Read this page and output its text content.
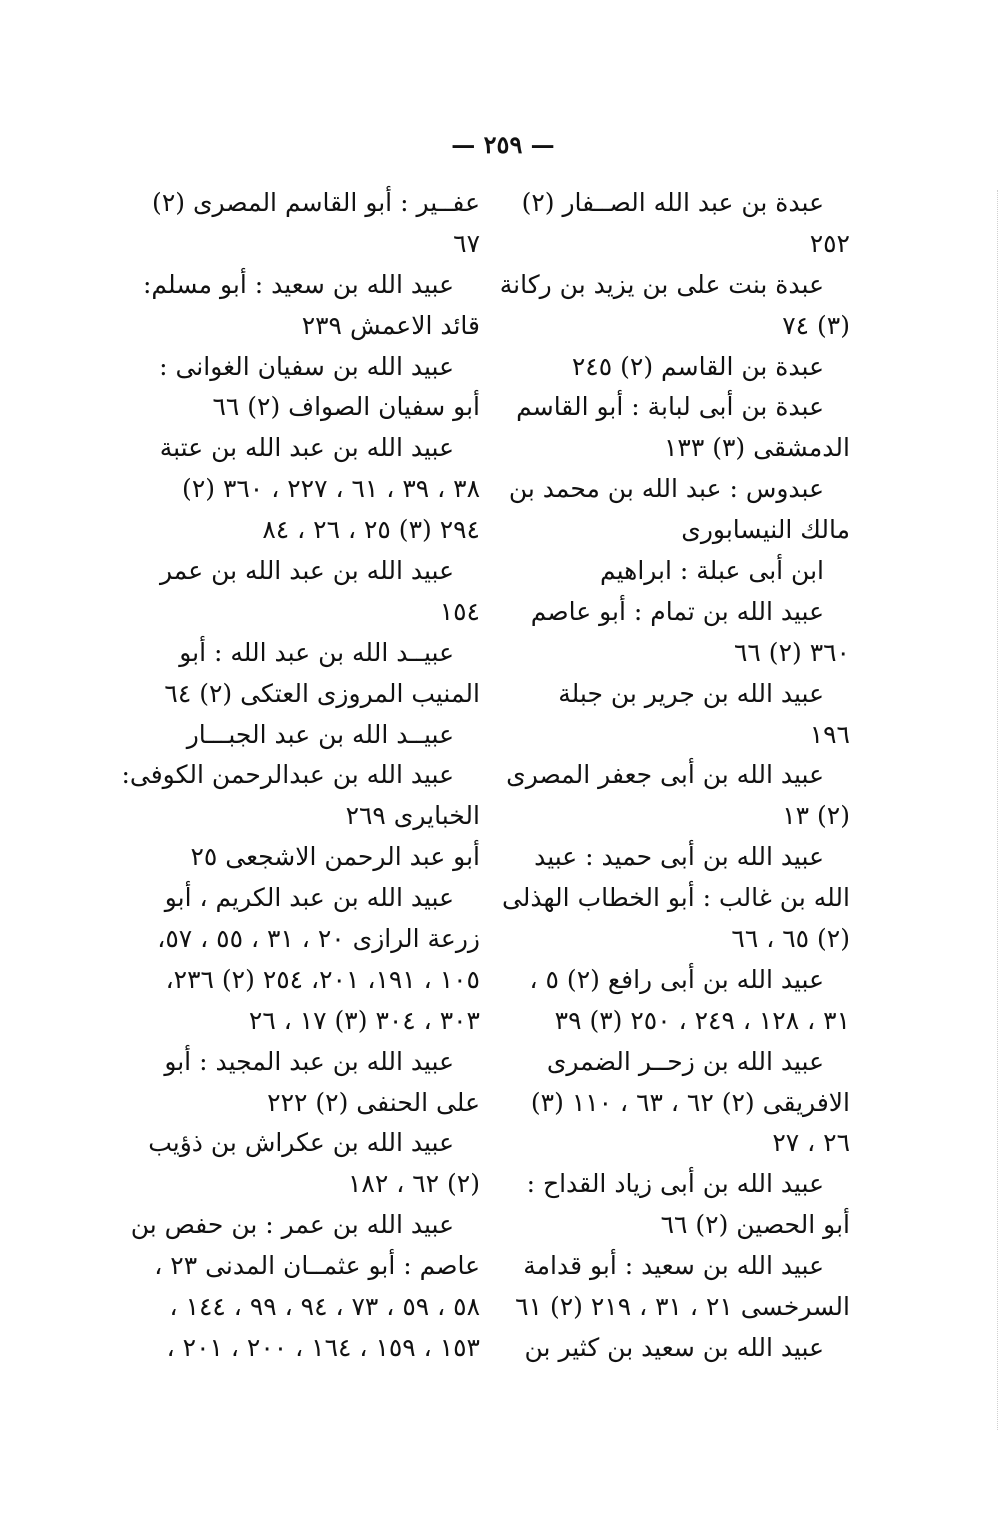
— ٢٥٩ —
عبدة بن عبد الله الصــفار (٢)
٢٥٢
عبدة بنت على بن يزيد بن ركانة
(٣) ٧٤
عبدة بن القاسم (٢) ٢٤٥
عبدة بن أبى لبابة : أبو القاسم
الدمشقى (٣) ١٣٣
عبدوس : عبد الله بن محمد بن
مالك النيسابورى
ابن أبى عبلة : ابراهيم
عبيد الله بن تمام : أبو عاصم
٣٦٠ (٢) ٦٦
عبيد الله بن جرير بن جبلة
١٩٦
عبيد الله بن أبى جعفر المصرى
(٢) ١٣
عبيد الله بن أبى حميد : عبيد
الله بن غالب : أبو الخطاب الهذلى
(٢) ٦٥ ، ٦٦
عبيد الله بن أبى رافع (٢) ٥ ،
٣١ ، ١٢٨ ، ٢٤٩ ، ٢٥٠ (٣) ٣٩
عبيد الله بن زحــر الضمرى
الافريقى (٢) ٦٢ ، ٦٣ ، ١١٠ (٣)
٢٦ ، ٢٧
عبيد الله بن أبى زياد القداح :
أبو الحصين (٢) ٦٦
عبيد الله بن سعيد : أبو قدامة
السرخسى ٢١ ، ٣١ ، ٢١٩ (٢) ٦١
عبيد الله بن سعيد بن كثير بن
عفــير : أبو القاسم المصرى (٢)
٦٧
عبيد الله بن سعيد : أبو مسلم:
قائد الاعمش ٢٣٩
عبيد الله بن سفيان الغوانى :
أبو سفيان الصواف (٢) ٦٦
عبيد الله بن عبد الله بن عتبة
٣٨ ، ٣٩ ، ٦١ ، ٢٢٧ ، ٣٦٠ (٢)
٢٩٤ (٣) ٢٥ ، ٢٦ ، ٨٤
عبيد الله بن عبد الله بن عمر
١٥٤
عبيــد الله بن عبد الله : أبو
المنيب المروزى العتكى (٢) ٦٤
عبيــد الله بن عبد الجبـــار
عبيد الله بن عبدالرحمن الكوفى:
الخبايرى ٢٦٩
أبو عبد الرحمن الاشجعى ٢٥
عبيد الله بن عبد الكريم ، أبو
زرعة الرازى ٢٠ ، ٣١ ، ٥٥ ، ٥٧،
١٠٥ ، ١٩١، ٢٠١، ٢٥٤ (٢) ٢٣٦،
٣٠٣ ، ٣٠٤ (٣) ١٧ ، ٢٦
عبيد الله بن عبد المجيد : أبو
على الحنفى (٢) ٢٢٢
عبيد الله بن عكراش بن ذؤيب
(٢) ٦٢ ، ١٨٢
عبيد الله بن عمر : بن حفص بن
عاصم : أبو عثمــان المدنى ٢٣ ،
٥٨ ، ٥٩ ، ٧٣ ، ٩٤ ، ٩٩ ، ١٤٤ ،
١٥٣ ، ١٥٩ ، ١٦٤ ، ٢٠٠ ، ٢٠١ ،
